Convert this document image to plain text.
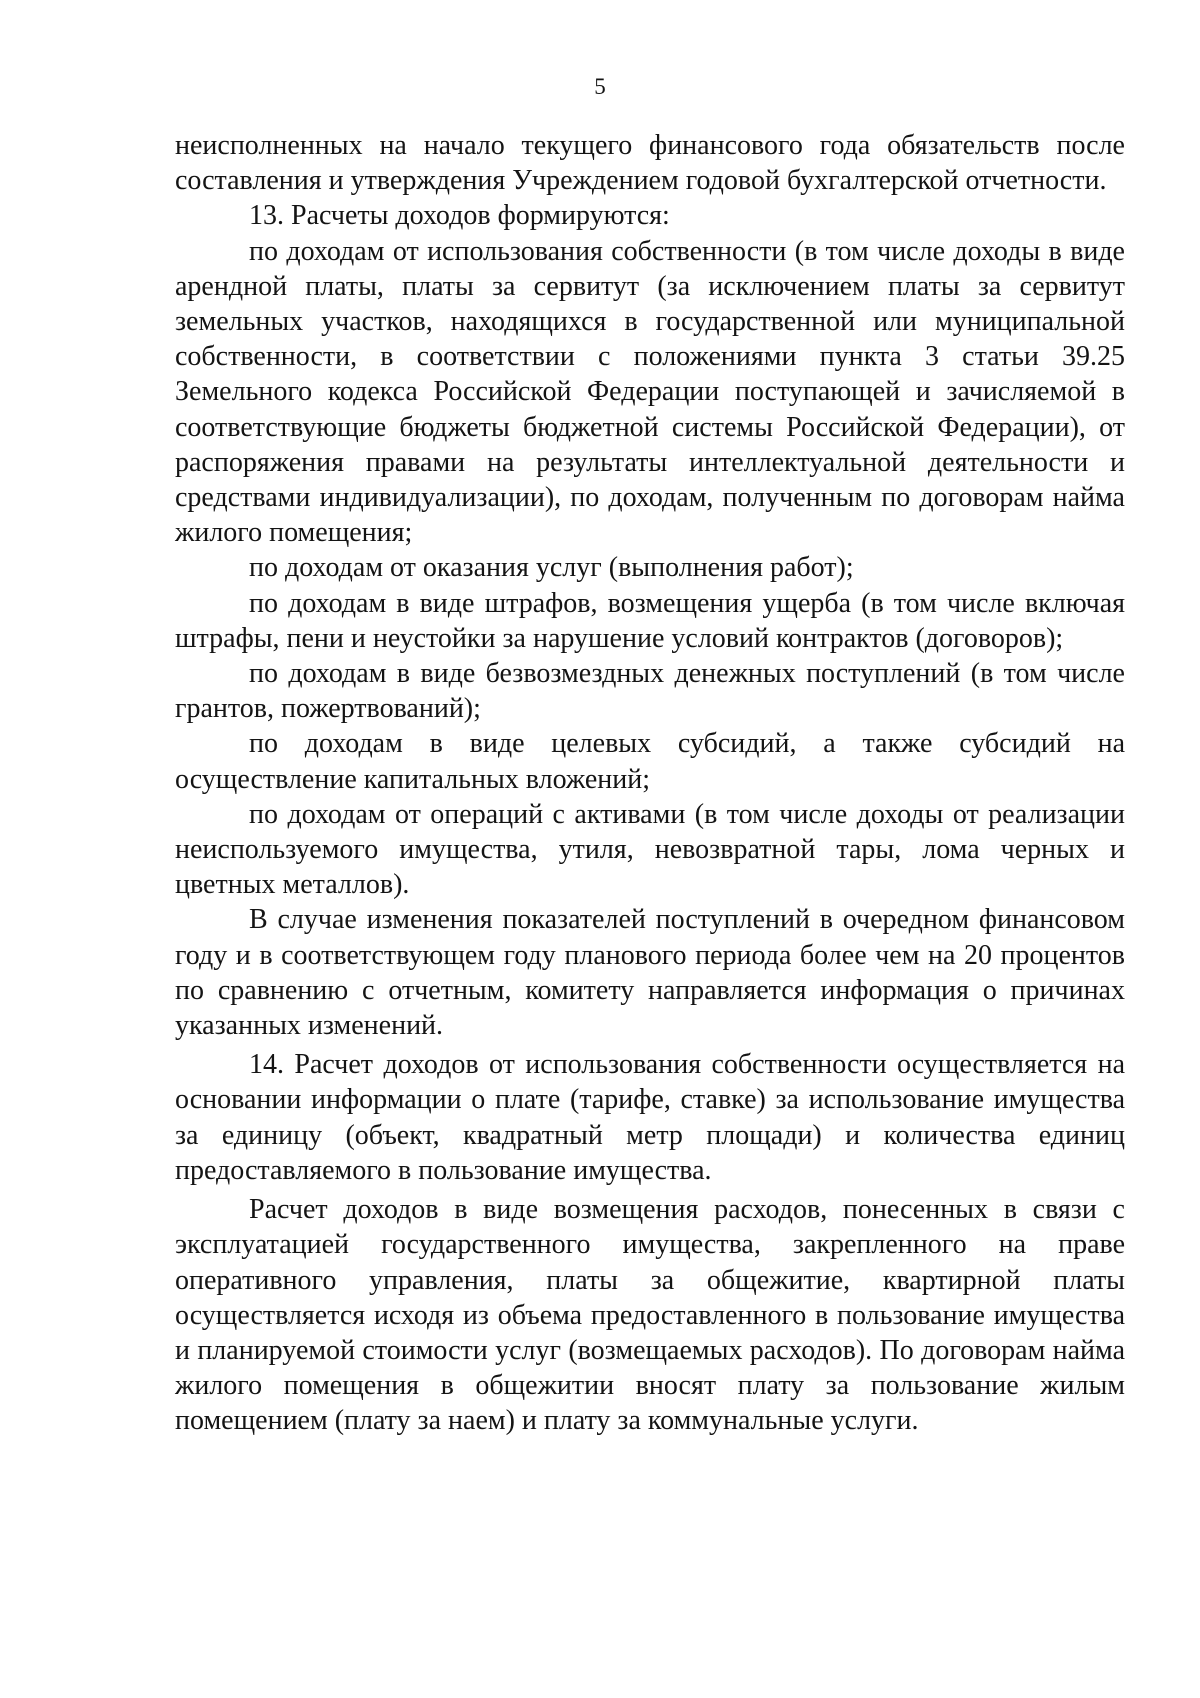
5

неисполненных на начало текущего финансового года обязательств после составления и утверждения Учреждением годовой бухгалтерской отчетности.

13. Расчеты доходов формируются:

по доходам от использования собственности (в том числе доходы в виде арендной платы, платы за сервитут (за исключением платы за сервитут земельных участков, находящихся в государственной или муниципальной собственности, в соответствии с положениями пункта 3 статьи 39.25 Земельного кодекса Российской Федерации поступающей и зачисляемой в соответствующие бюджеты бюджетной системы Российской Федерации), от распоряжения правами на результаты интеллектуальной деятельности и средствами индивидуализации), по доходам, полученным по договорам найма жилого помещения;

по доходам от оказания услуг (выполнения работ);

по доходам в виде штрафов, возмещения ущерба (в том числе включая штрафы, пени и неустойки за нарушение условий контрактов (договоров);

по доходам в виде безвозмездных денежных поступлений (в том числе грантов, пожертвований);

по доходам в виде целевых субсидий, а также субсидий на осуществление капитальных вложений;

по доходам от операций с активами (в том числе доходы от реализации неиспользуемого имущества, утиля, невозвратной тары, лома черных и цветных металлов).

В случае изменения показателей поступлений в очередном финансовом году и в соответствующем году планового периода более чем на 20 процентов по сравнению с отчетным, комитету направляется информация о причинах указанных изменений.

14. Расчет доходов от использования собственности осуществляется на основании информации о плате (тарифе, ставке) за использование имущества за единицу (объект, квадратный метр площади) и количества единиц предоставляемого в пользование имущества.

Расчет доходов в виде возмещения расходов, понесенных в связи с эксплуатацией государственного имущества, закрепленного на праве оперативного управления, платы за общежитие, квартирной платы осуществляется исходя из объема предоставленного в пользование имущества и планируемой стоимости услуг (возмещаемых расходов). По договорам найма жилого помещения в общежитии вносят плату за пользование жилым помещением (плату за наем) и плату за коммунальные услуги.
